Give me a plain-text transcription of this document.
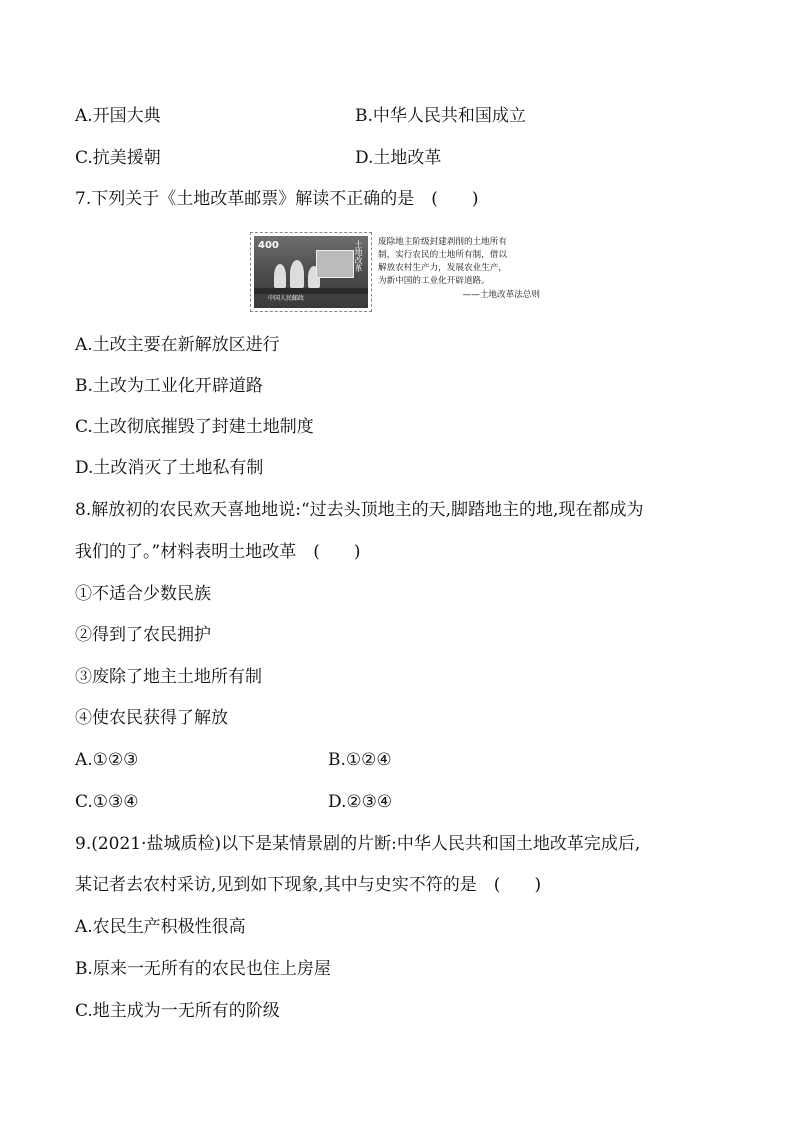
A.开国大典	B.中华人民共和国成立
C.抗美援朝	D.土地改革
7.下列关于《土地改革邮票》解读不正确的是　(　　)
400	土地改革
中国人民邮政
废除地主阶级封建剥削的土地所有
制，实行农民的土地所有制，借以
解放农村生产力，发展农业生产，
为新中国的工业化开辟道路。
——土地改革法总则
A.土改主要在新解放区进行
B.土改为工业化开辟道路
C.土改彻底摧毁了封建土地制度
D.土改消灭了土地私有制
8.解放初的农民欢天喜地地说:“过去头顶地主的天,脚踏地主的地,现在都成为
我们的了。”材料表明土地改革　(　　)
①不适合少数民族
②得到了农民拥护
③废除了地主土地所有制
④使农民获得了解放
A.①②③	B.①②④
C.①③④	D.②③④
9.(2021·盐城质检)以下是某情景剧的片断:中华人民共和国土地改革完成后,
某记者去农村采访,见到如下现象,其中与史实不符的是　(　　)
A.农民生产积极性很高
B.原来一无所有的农民也住上房屋
C.地主成为一无所有的阶级
